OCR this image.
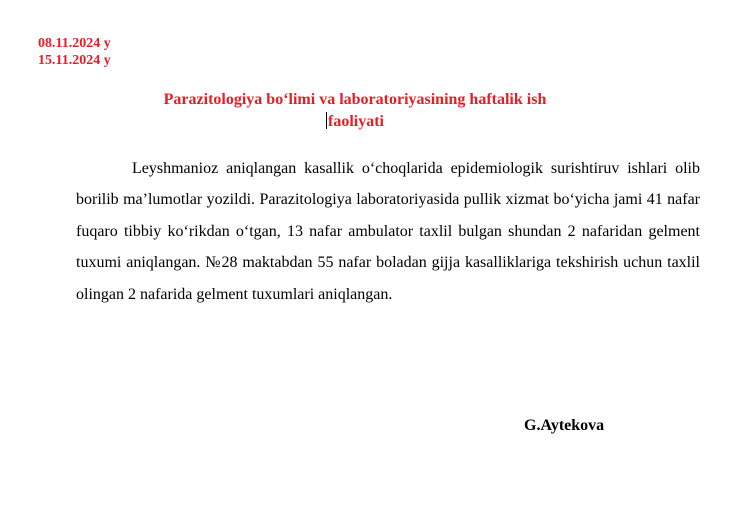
08.11.2024 y
15.11.2024 y
Parazitologiya bo‘limi va laboratoriyasining haftalik ish
faoliyati
Leyshmanioz aniqlangan kasallik o‘choqlarida epidemiologik surishtiruv ishlari olib borilib ma’lumotlar yozildi. Parazitologiya laboratoriyasida pullik xizmat bo‘yicha jami 41 nafar fuqaro tibbiy ko‘rikdan o‘tgan, 13 nafar ambulator taxlil bulgan shundan 2 nafaridan gelment tuxumi aniqlangan. №28 maktabdan 55 nafar boladan gijja kasalliklariga tekshirish uchun taxlil olingan 2 nafarida gelment tuxumlari aniqlangan.
G.Aytekova
